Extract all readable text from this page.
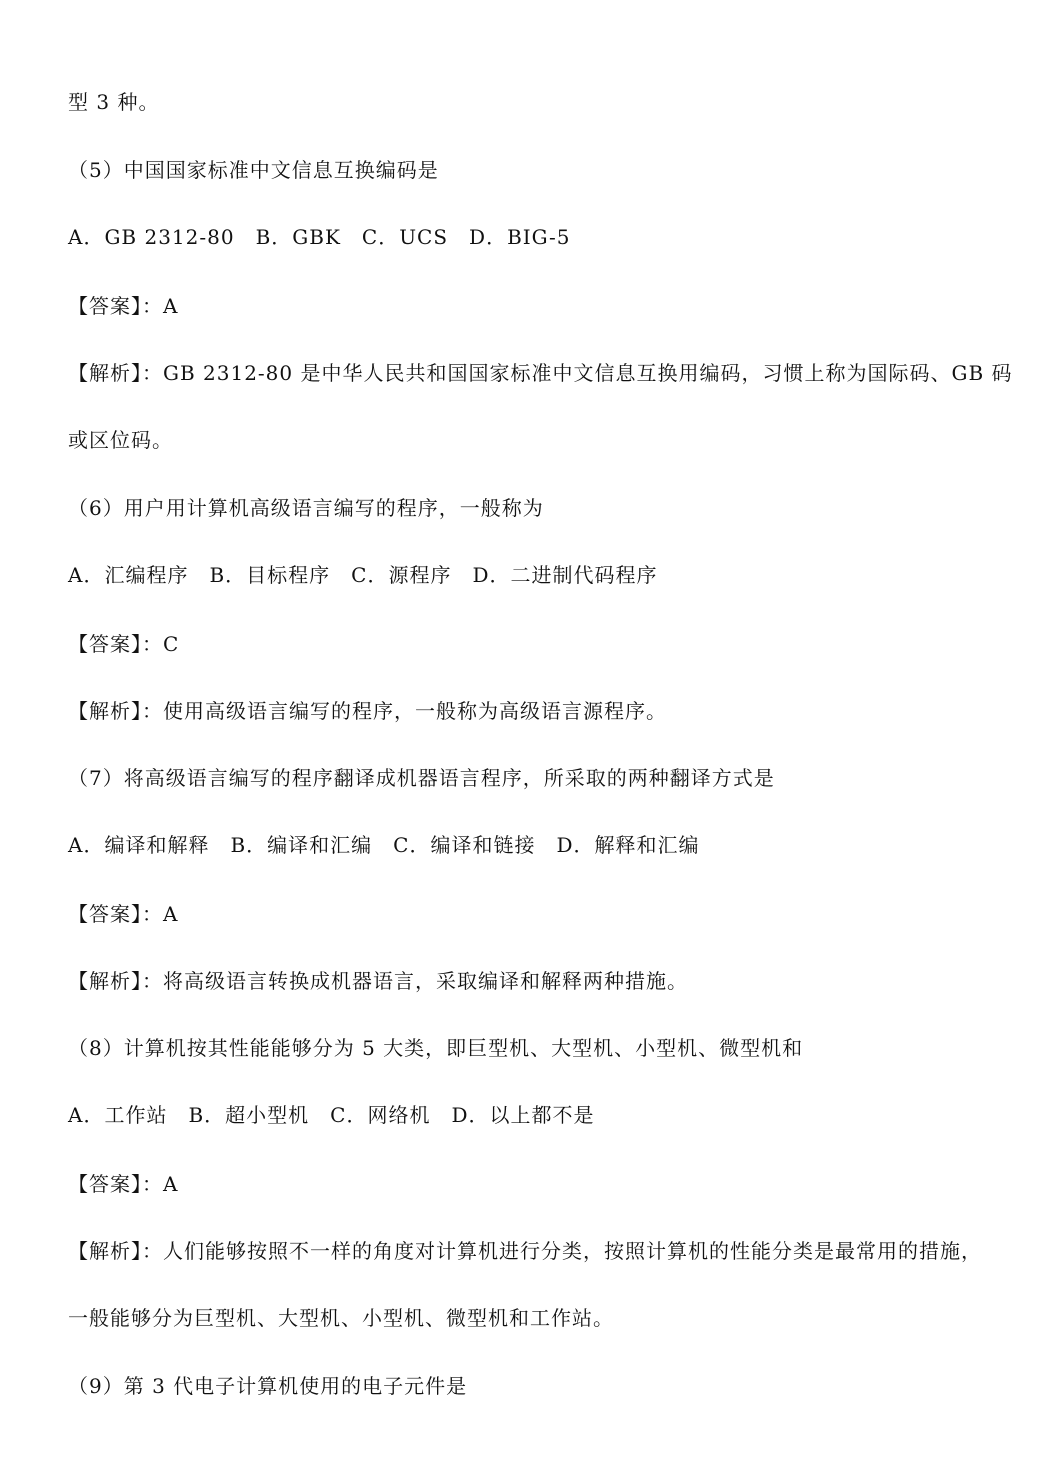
型 3 种。
（5）中国国家标准中文信息互换编码是
A．GB 2312-80　B．GBK　C．UCS　D．BIG-5
【答案】：A
【解析】：GB 2312-80 是中华人民共和国国家标准中文信息互换用编码，习惯上称为国际码、GB 码
或区位码。
（6）用户用计算机高级语言编写的程序，一般称为
A．汇编程序　B．目标程序　C．源程序　D．二进制代码程序
【答案】：C
【解析】：使用高级语言编写的程序，一般称为高级语言源程序。
（7）将高级语言编写的程序翻译成机器语言程序，所采取的两种翻译方式是
A．编译和解释　B．编译和汇编　C．编译和链接　D．解释和汇编
【答案】：A
【解析】：将高级语言转换成机器语言，采取编译和解释两种措施。
（8）计算机按其性能能够分为 5 大类，即巨型机、大型机、小型机、微型机和
A．工作站　B．超小型机　C．网络机　D．以上都不是
【答案】：A
【解析】：人们能够按照不一样的角度对计算机进行分类，按照计算机的性能分类是最常用的措施，
一般能够分为巨型机、大型机、小型机、微型机和工作站。
（9）第 3 代电子计算机使用的电子元件是
